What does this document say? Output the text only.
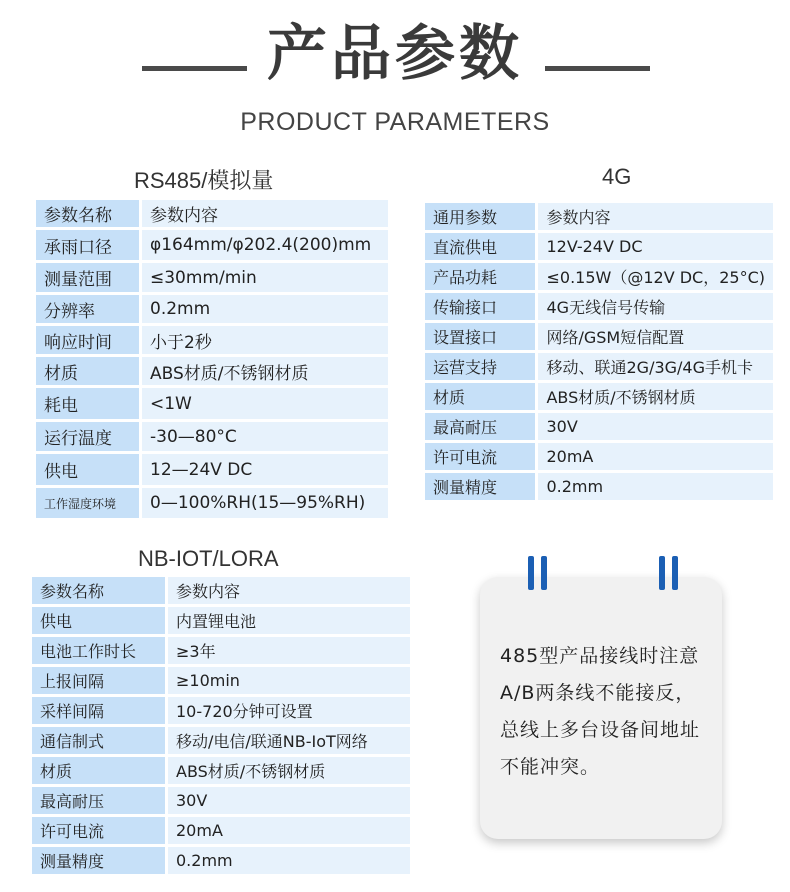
产品参数
PRODUCT PARAMETERS
RS485/模拟量
参数名称	参数内容
承雨口径	φ164mm/φ202.4(200)mm
测量范围	≤30mm/min
分辨率	0.2mm
响应时间	小于2秒
材质	ABS材质/不锈钢材质
耗电	<1W
运行温度	-30—80°C
供电	12—24V DC
工作湿度环境	0—100%RH(15—95%RH)
4G
通用参数	参数内容
直流供电	12V-24V DC
产品功耗	≤0.15W（@12V DC，25°C)
传输接口	4G无线信号传输
设置接口	网络/GSM短信配置
运营支持	移动、联通2G/3G/4G手机卡
材质	ABS材质/不锈钢材质
最高耐压	30V
许可电流	20mA
测量精度	0.2mm
NB-IOT/LORA
参数名称	参数内容
供电	内置锂电池
电池工作时长	≥3年
上报间隔	≥10min
采样间隔	10-720分钟可设置
通信制式	移动/电信/联通NB-IoT网络
材质	ABS材质/不锈钢材质
最高耐压	30V
许可电流	20mA
测量精度	0.2mm
485型产品接线时注意
A/B两条线不能接反，
总线上多台设备间地址
不能冲突。
